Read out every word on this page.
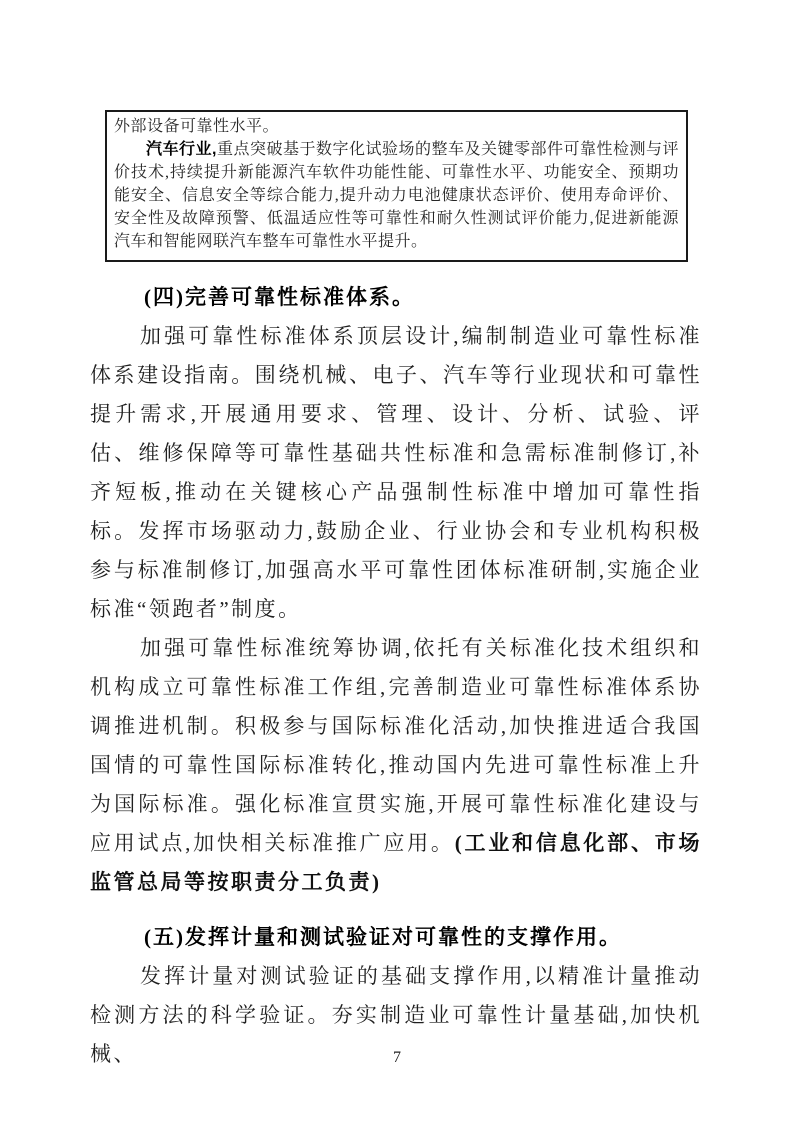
外部设备可靠性水平。

汽车行业,重点突破基于数字化试验场的整车及关键零部件可靠性检测与评价技术,持续提升新能源汽车软件功能性能、可靠性水平、功能安全、预期功能安全、信息安全等综合能力,提升动力电池健康状态评价、使用寿命评价、安全性及故障预警、低温适应性等可靠性和耐久性测试评价能力,促进新能源汽车和智能网联汽车整车可靠性水平提升。

(四)完善可靠性标准体系。

加强可靠性标准体系顶层设计,编制制造业可靠性标准体系建设指南。围绕机械、电子、汽车等行业现状和可靠性提升需求,开展通用要求、管理、设计、分析、试验、评估、维修保障等可靠性基础共性标准和急需标准制修订,补齐短板,推动在关键核心产品强制性标准中增加可靠性指标。发挥市场驱动力,鼓励企业、行业协会和专业机构积极参与标准制修订,加强高水平可靠性团体标准研制,实施企业标准“领跑者”制度。

加强可靠性标准统筹协调,依托有关标准化技术组织和机构成立可靠性标准工作组,完善制造业可靠性标准体系协调推进机制。积极参与国际标准化活动,加快推进适合我国国情的可靠性国际标准转化,推动国内先进可靠性标准上升为国际标准。强化标准宣贯实施,开展可靠性标准化建设与应用试点,加快相关标准推广应用。(工业和信息化部、市场监管总局等按职责分工负责)

(五)发挥计量和测试验证对可靠性的支撑作用。

发挥计量对测试验证的基础支撑作用,以精准计量推动检测方法的科学验证。夯实制造业可靠性计量基础,加快机械、	7
